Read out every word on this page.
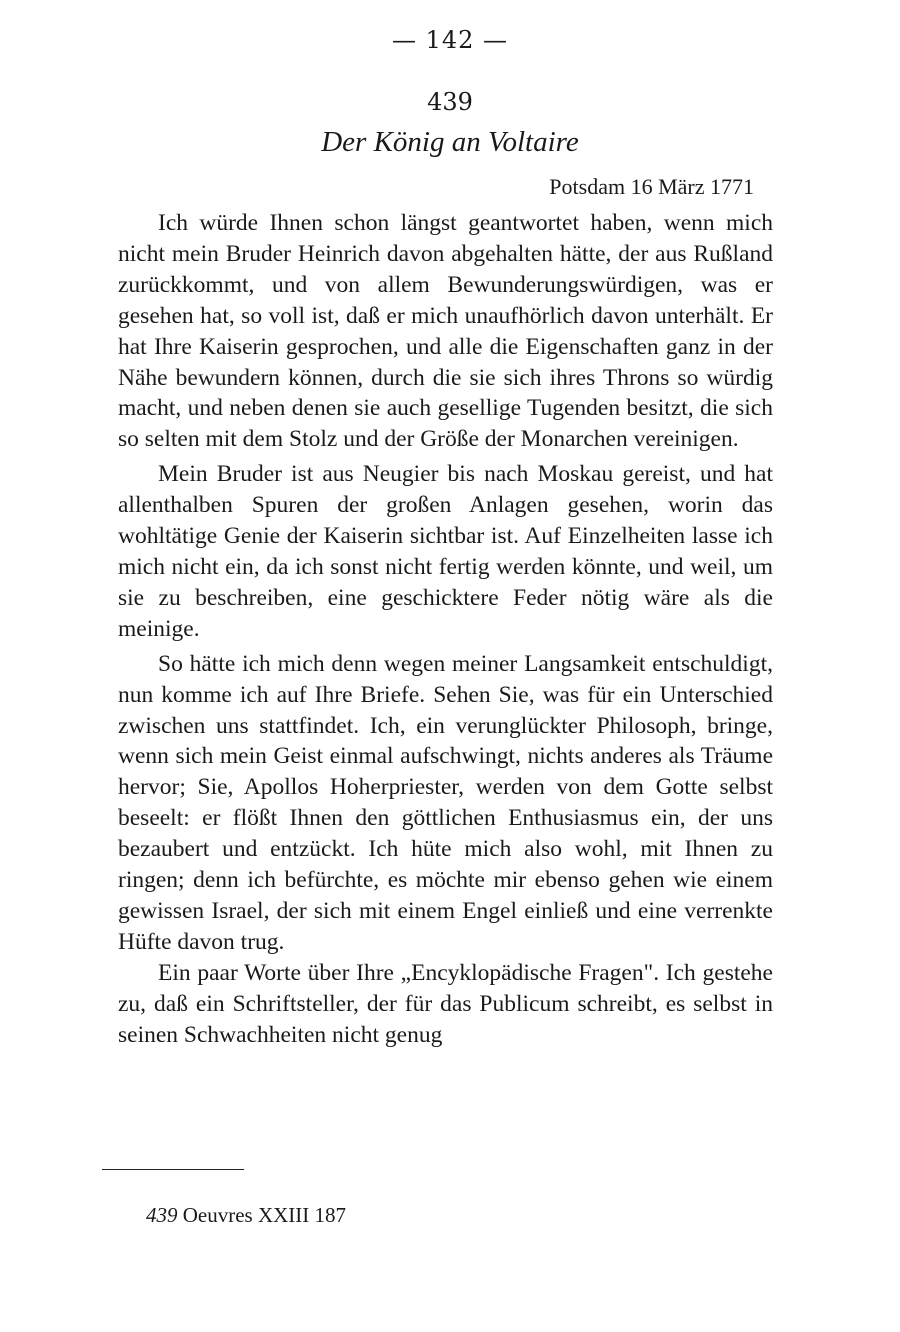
— 142 —
439
Der König an Voltaire
Potsdam 16 März 1771

Ich würde Ihnen schon längst geantwortet haben, wenn mich nicht mein Bruder Heinrich davon abgehalten hätte, der aus Rußland zurückkommt, und von allem Bewunderungswürdigen, was er gesehen hat, so voll ist, daß er mich unaufhörlich davon unterhält. Er hat Ihre Kaiserin gesprochen, und alle die Eigenschaften ganz in der Nähe bewundern können, durch die sie sich ihres Throns so würdig macht, und neben denen sie auch gesellige Tugenden besitzt, die sich so selten mit dem Stolz und der Größe der Monarchen vereinigen.

Mein Bruder ist aus Neugier bis nach Moskau gereist, und hat allenthalben Spuren der großen Anlagen gesehen, worin das wohltätige Genie der Kaiserin sichtbar ist. Auf Einzelheiten lasse ich mich nicht ein, da ich sonst nicht fertig werden könnte, und weil, um sie zu beschreiben, eine geschicktere Feder nötig wäre als die meinige.

So hätte ich mich denn wegen meiner Langsamkeit entschuldigt, nun komme ich auf Ihre Briefe. Sehen Sie, was für ein Unterschied zwischen uns stattfindet. Ich, ein verunglückter Philosoph, bringe, wenn sich mein Geist einmal aufschwingt, nichts anderes als Träume hervor; Sie, Apollos Hoherpriester, werden von dem Gotte selbst beseelt: er flößt Ihnen den göttlichen Enthusiasmus ein, der uns bezaubert und entzückt. Ich hüte mich also wohl, mit Ihnen zu ringen; denn ich befürchte, es möchte mir ebenso gehen wie einem gewissen Israel, der sich mit einem Engel einließ und eine verrenkte Hüfte davon trug.

Ein paar Worte über Ihre „Encyklopädische Fragen". Ich gestehe zu, daß ein Schriftsteller, der für das Publicum schreibt, es selbst in seinen Schwachheiten nicht genug

439 Oeuvres XXIII 187
